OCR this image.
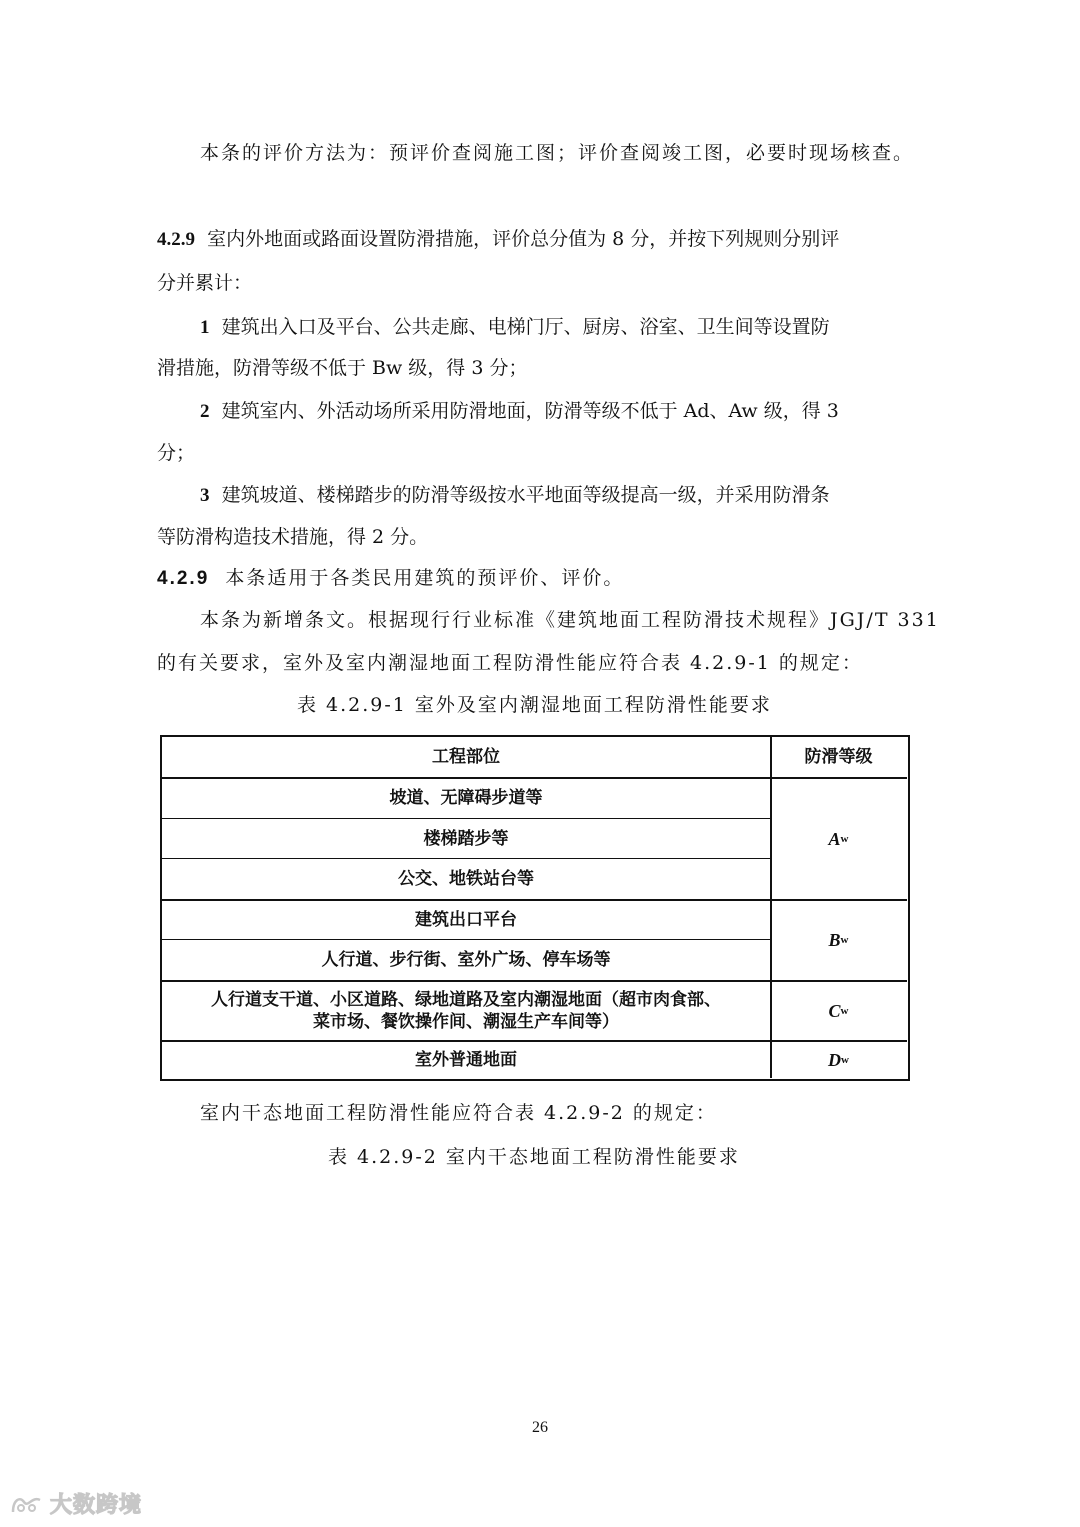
本条的评价方法为：预评价查阅施工图；评价查阅竣工图，必要时现场核查。
4.2.9 室内外地面或路面设置防滑措施，评价总分值为 8 分，并按下列规则分别评
分并累计：
1 建筑出入口及平台、公共走廊、电梯门厅、厨房、浴室、卫生间等设置防
滑措施，防滑等级不低于 Bw 级，得 3 分；
2 建筑室内、外活动场所采用防滑地面，防滑等级不低于 Ad、Aw 级，得 3
分；
3 建筑坡道、楼梯踏步的防滑等级按水平地面等级提高一级，并采用防滑条
等防滑构造技术措施，得 2 分。
4.2.9 本条适用于各类民用建筑的预评价、评价。
本条为新增条文。根据现行行业标准《建筑地面工程防滑技术规程》JGJ/T 331
的有关要求，室外及室内潮湿地面工程防滑性能应符合表 4.2.9-1 的规定：
表 4.2.9-1 室外及室内潮湿地面工程防滑性能要求
工程部位	防滑等级
坡道、无障碍步道等
楼梯踏步等
公交、地铁站台等
建筑出口平台
人行道、步行街、室外广场、停车场等
人行道支干道、小区道路、绿地道路及室内潮湿地面（超市肉食部、
菜市场、餐饮操作间、潮湿生产车间等）
室外普通地面
A w
B w
C w
D w
室内干态地面工程防滑性能应符合表 4.2.9-2 的规定：
表 4.2.9-2 室内干态地面工程防滑性能要求
26
大数跨境
